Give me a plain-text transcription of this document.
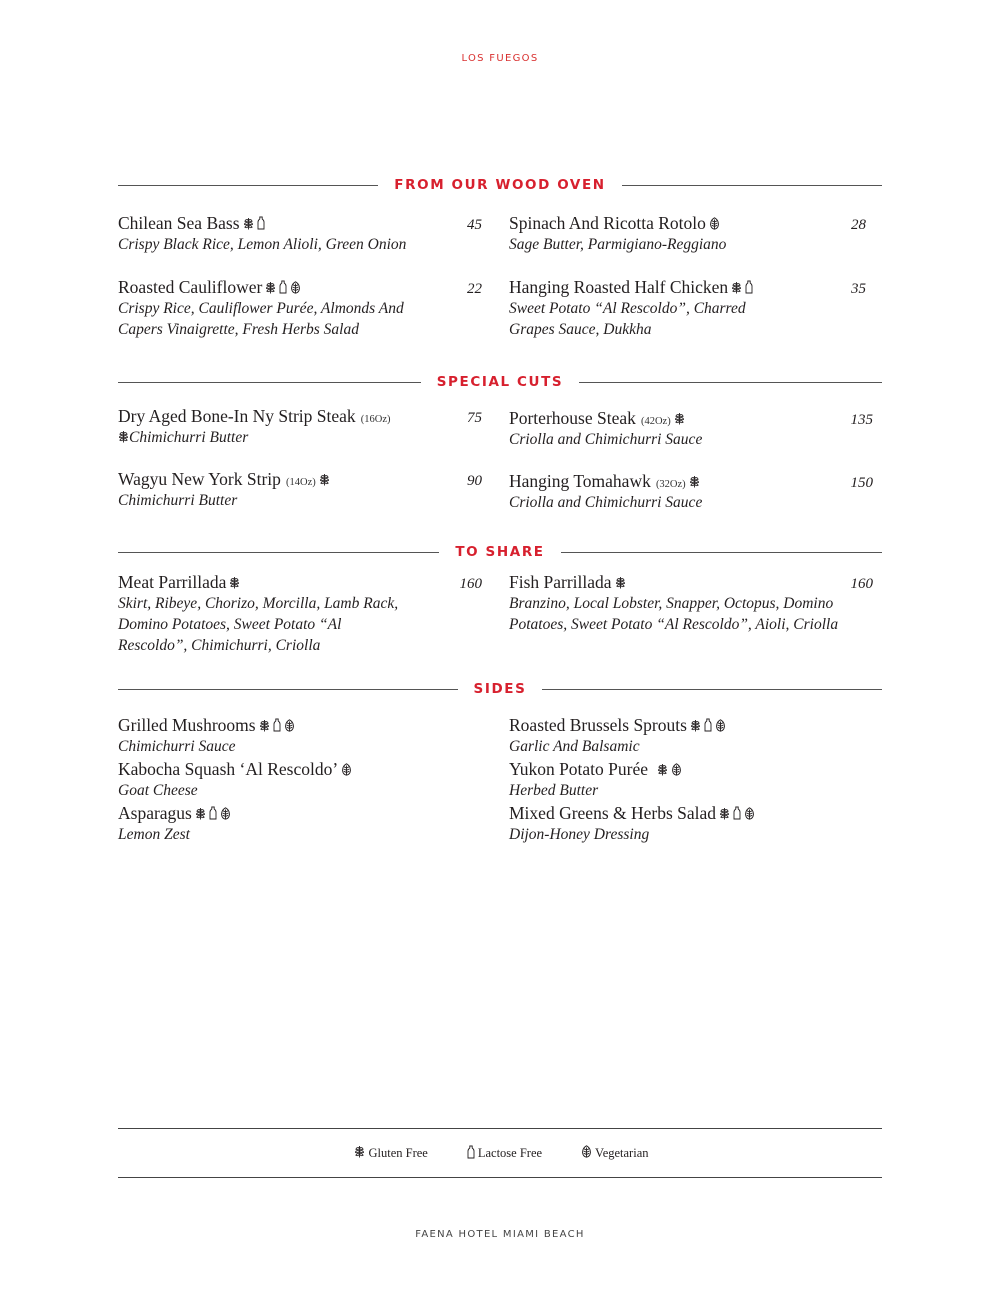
LOS FUEGOS
FROM OUR WOOD OVEN
Chilean Sea Bass	45
Crispy Black Rice, Lemon Alioli, Green Onion
Spinach And Ricotta Rotolo	28
Sage Butter, Parmigiano-Reggiano
Roasted Cauliflower	22
Crispy Rice, Cauliflower Purée, Almonds And Capers Vinaigrette, Fresh Herbs Salad
Hanging Roasted Half Chicken	35
Sweet Potato “Al Rescoldo”, Charred Grapes Sauce, Dukkha
SPECIAL CUTS
Dry Aged Bone-In Ny Strip Steak (16Oz)	75
Chimichurri Butter
Porterhouse Steak (42Oz)	135
Criolla and Chimichurri Sauce
Wagyu New York Strip (14Oz)	90
Chimichurri Butter
Hanging Tomahawk (32Oz)	150
Criolla and Chimichurri Sauce
TO SHARE
Meat Parrillada	160
Skirt, Ribeye, Chorizo, Morcilla, Lamb Rack, Domino Potatoes, Sweet Potato “Al Rescoldo”, Chimichurri, Criolla
Fish Parrillada	160
Branzino, Local Lobster, Snapper, Octopus, Domino Potatoes, Sweet Potato “Al Rescoldo”, Aioli, Criolla
SIDES
Grilled Mushrooms
Chimichurri Sauce
Roasted Brussels Sprouts
Garlic And Balsamic
Kabocha Squash ‘Al Rescoldo’
Goat Cheese
Yukon Potato Purée
Herbed Butter
Asparagus
Lemon Zest
Mixed Greens & Herbs Salad
Dijon-Honey Dressing
Gluten Free	Lactose Free	Vegetarian
FAENA HOTEL MIAMI BEACH
